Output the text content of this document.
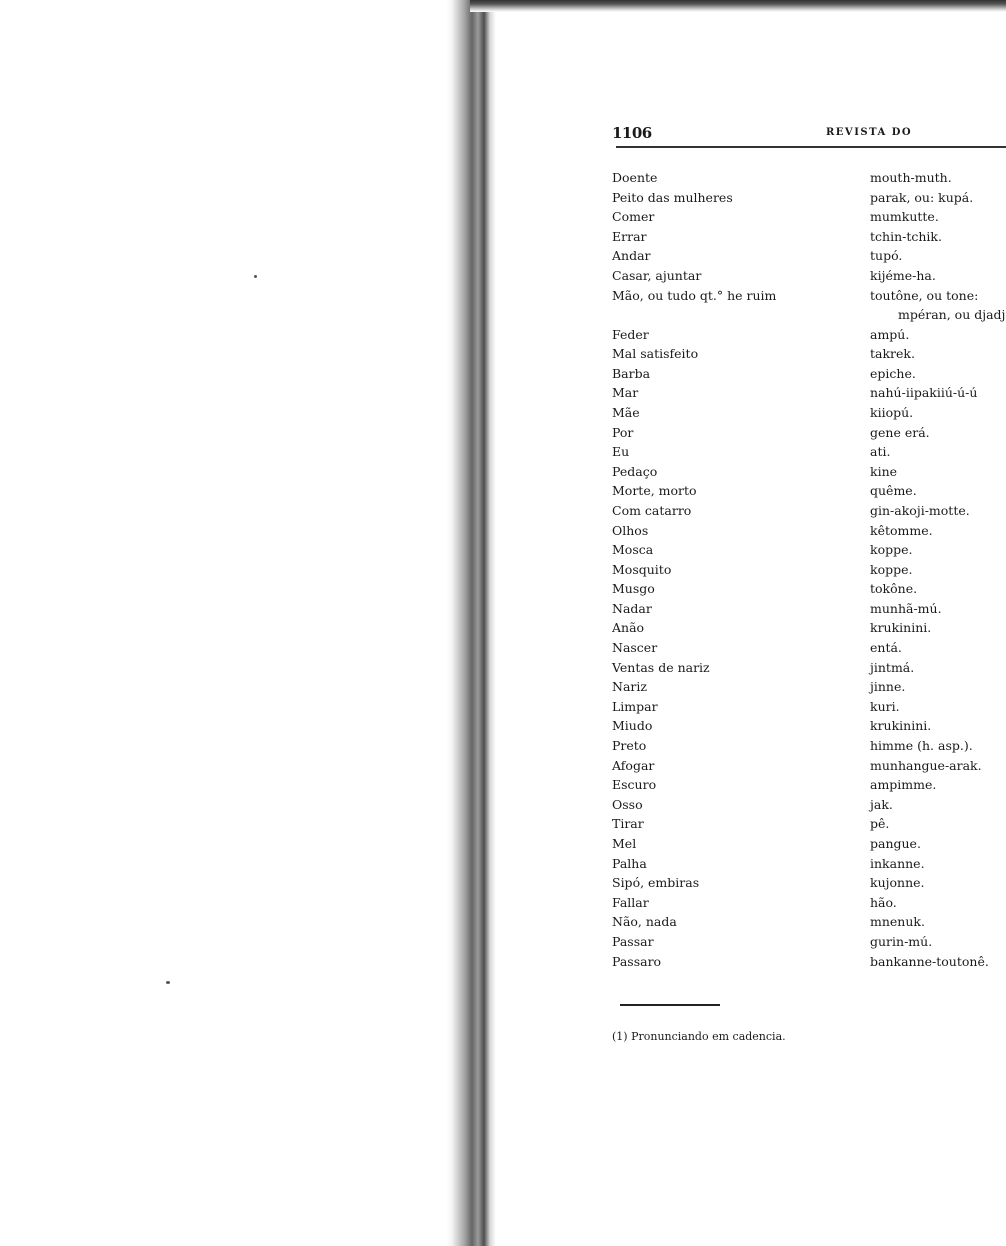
1106	REVISTA DO
Doente	mouth-muth.
Peito das mulheres	parak, ou: kupá.
Comer	mumkutte.
Errar	tchin-tchik.
Andar	tupó.
Casar, ajuntar	kijéme-ha.
Mão, ou tudo qt.° he ruim	toutône, ou tone:
mpéran, ou djadj
Feder	ampú.
Mal satisfeito	takrek.
Barba	epiche.
Mar	nahú-iipakiiú-ú-ú
Mãe	kiiopú.
Por	gene erá.
Eu	ati.
Pedaço	kine
Morte, morto	quême.
Com catarro	gin-akoji-motte.
Olhos	kêtomme.
Mosca	koppe.
Mosquito	koppe.
Musgo	tokône.
Nadar	munhã-mú.
Anão	krukinini.
Nascer	entá.
Ventas de nariz	jintmá.
Nariz	jinne.
Limpar	kuri.
Miudo	krukinini.
Preto	himme (h. asp.).
Afogar	munhangue-arak.
Escuro	ampimme.
Osso	jak.
Tirar	pê.
Mel	pangue.
Palha	inkanne.
Sipó, embiras	kujonne.
Fallar	hão.
Não, nada	mnenuk.
Passar	gurin-mú.
Passaro	bankanne-toutonê.
(1) Pronunciando em cadencia.
